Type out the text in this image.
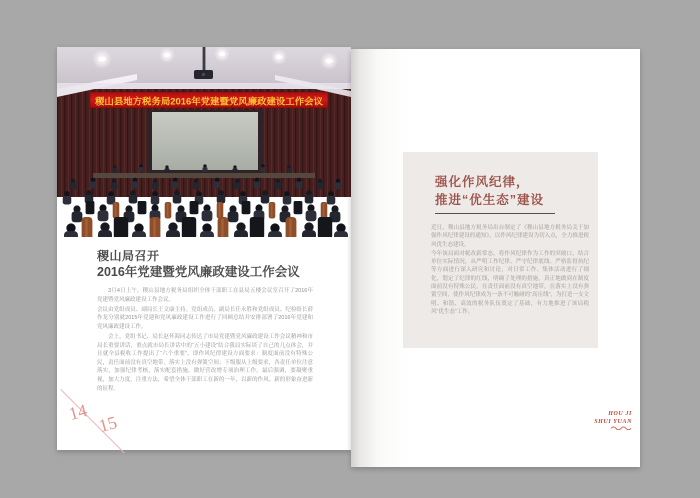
稷山县地方税务局2016年党建暨党风廉政建设工作会议
稷山局召开
2016年党建暨党风廉政建设工作会议

3月4日上午，稷山县地方税务局组织全体干部职工在县局五楼会议室召开了2016年党建暨党风廉政建设工作会议。

会议由党组成员、副局长王文康主持。党组成员、副局长任永胜和党组成员、纪检组长薛作龙分别就2015年党建和党风廉政建设工作进行了回顾总结并安排部署了2016年党建和党风廉政建设工作。

会上，党组书记、局长赵怀海同志传达了市局党建暨党风廉政建设工作会议精神和市局长重要讲话，重点就市局长讲话中的“五小建设”结合我局实际谈了自己的几点体会，并且就全县税收工作提出了“六个重要”，即作风纪律建设方面要求：制度面前没有特殊公民，责任面前没有真空地带，落实上没有弹簧空间；下级服从上级要求，各责任单位注意落实，加强纪律考核，落实配套措施，做好营改增专项治理工作。最后强调，要凝聚重视，加大力度，注重方法，希望全体干部职工在新的一年，以新的作风、新的形象奋进新的征程。

14
15
强化作风纪律，
推进“优生态”建设

近日，稷山县地方税务局出台制定了《稷山县地方税务局关于加强作风纪律建设的通知》，以作风纪律建设为切入点，全力推进税风优生态建设。

今年该局面对税改新常态，将作风纪律作为工作的突破口，结合单位实际情况，从严明工作纪律、严守纪律底线、严格监督执纪等方面进行深入研究和讨论，对日常工作、集体活动进行了细化，划定了纪律的红线，明确了处理的措施，真正地做到在制度面前没有特殊公民，在责任面前没有真空地带，在落实上没有弹簧空间，使作风纪律成为一条不可触碰的“高压线”，为打造一支文明、和谐、高效的税务队伍奠定了基础，有力地推进了该局税风“优生态”工作。

HOU JI
SHUI YUAN
